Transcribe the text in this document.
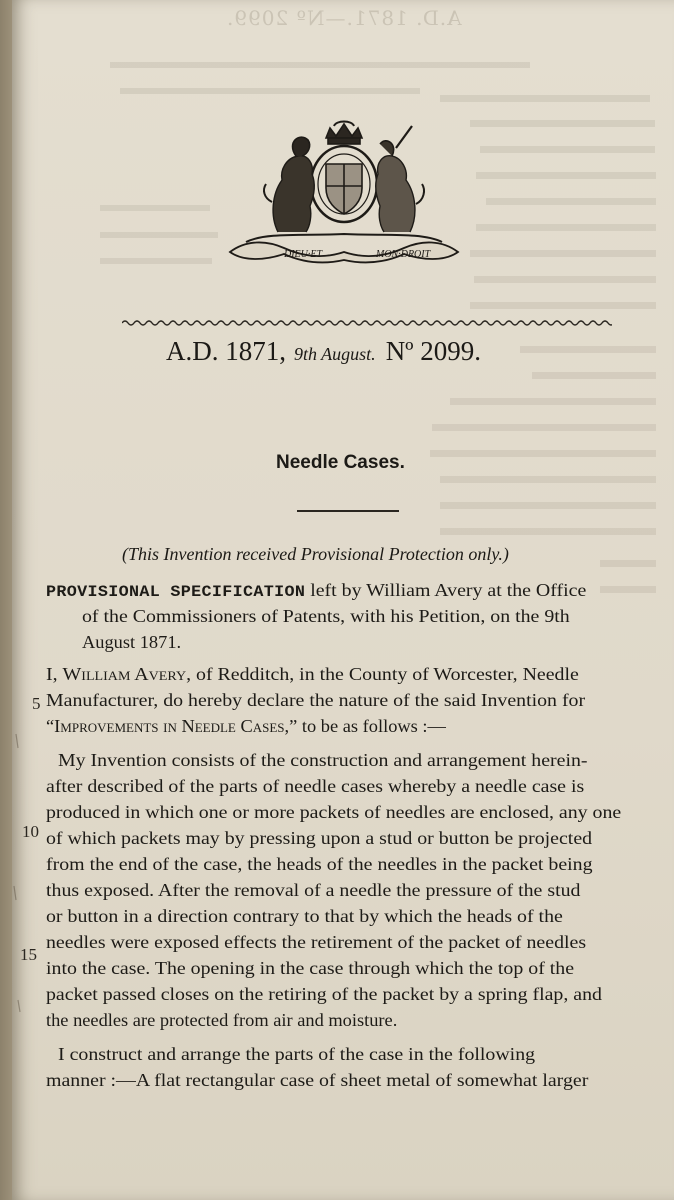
A.D. 1871.—Nº 2099.
DIEU·ET	MON·DROIT
A.D. 1871, 9th August. Nº 2099.
Needle Cases.
(This Invention received Provisional Protection only.)
PROVISIONAL SPECIFICATION left by William Avery at the Office
of the Commissioners of Patents, with his Petition, on the 9th
August 1871.
I, William Avery, of Redditch, in the County of Worcester, Needle
Manufacturer, do hereby declare the nature of the said Invention for
“Improvements in Needle Cases,” to be as follows :—
My Invention consists of the construction and arrangement herein-
after described of the parts of needle cases whereby a needle case is
produced in which one or more packets of needles are enclosed, any one
of which packets may by pressing upon a stud or button be projected
from the end of the case, the heads of the needles in the packet being
thus exposed. After the removal of a needle the pressure of the stud
or button in a direction contrary to that by which the heads of the
needles were exposed effects the retirement of the packet of needles
into the case. The opening in the case through which the top of the
packet passed closes on the retiring of the packet by a spring flap, and
the needles are protected from air and moisture.
I construct and arrange the parts of the case in the following
manner :—A flat rectangular case of sheet metal of somewhat larger
5
10
15
